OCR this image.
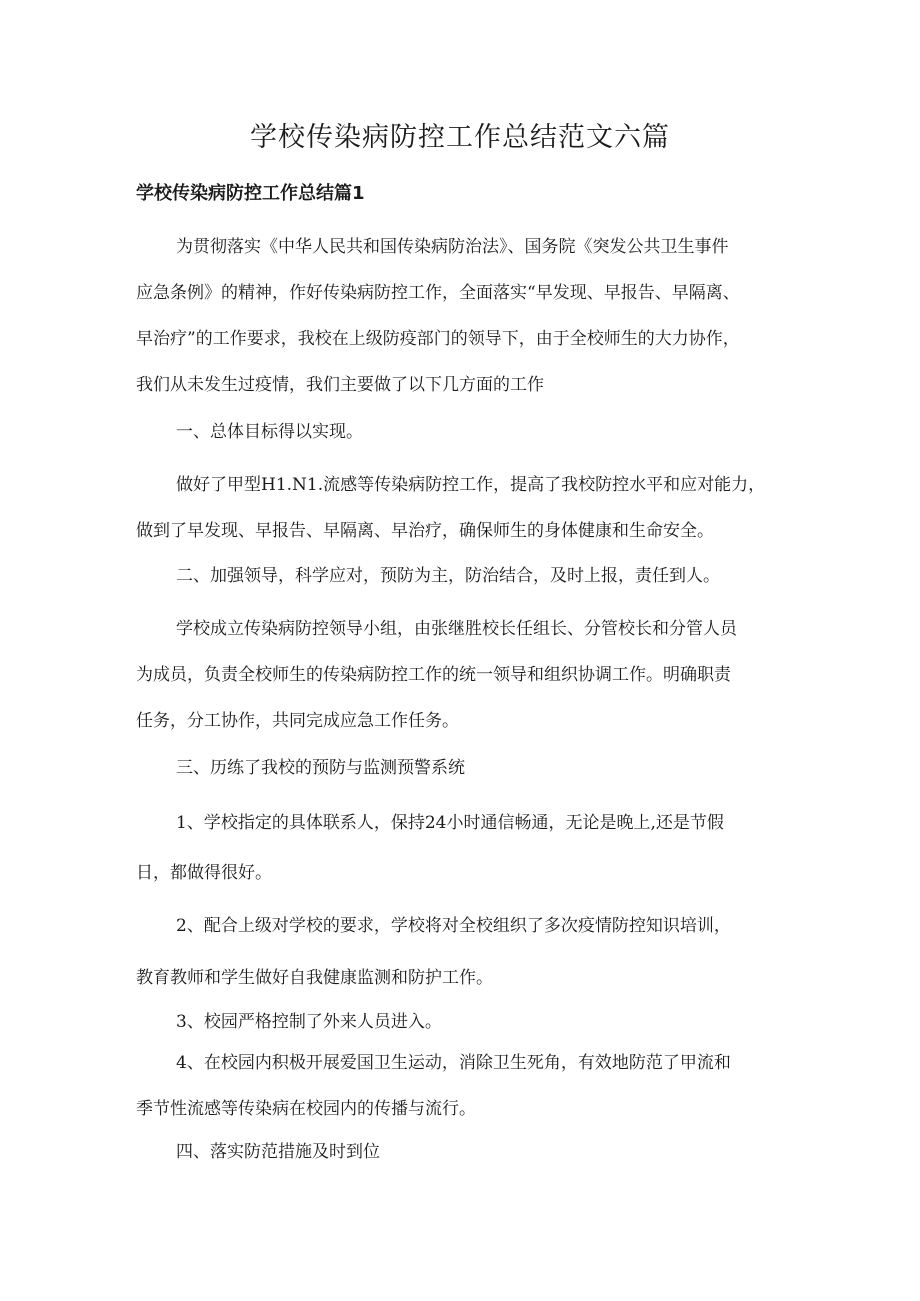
学校传染病防控工作总结范文六篇
学校传染病防控工作总结篇1
为贯彻落实《中华人民共和国传染病防治法》、国务院《突发公共卫生事件
应急条例》的精神，作好传染病防控工作，全面落实“早发现、早报告、早隔离、
早治疗”的工作要求，我校在上级防疫部门的领导下，由于全校师生的大力协作，
我们从未发生过疫情，我们主要做了以下几方面的工作
一、总体目标得以实现。
做好了甲型H1.N1.流感等传染病防控工作，提高了我校防控水平和应对能力，
做到了早发现、早报告、早隔离、早治疗，确保师生的身体健康和生命安全。
二、加强领导，科学应对，预防为主，防治结合，及时上报，责任到人。
学校成立传染病防控领导小组，由张继胜校长任组长、分管校长和分管人员
为成员，负责全校师生的传染病防控工作的统一领导和组织协调工作。明确职责
任务，分工协作，共同完成应急工作任务。
三、历练了我校的预防与监测预警系统
1、学校指定的具体联系人，保持24小时通信畅通，无论是晚上,还是节假
日，都做得很好。
2、配合上级对学校的要求，学校将对全校组织了多次疫情防控知识培训，
教育教师和学生做好自我健康监测和防护工作。
3、校园严格控制了外来人员进入。
4、在校园内积极开展爱国卫生运动，消除卫生死角，有效地防范了甲流和
季节性流感等传染病在校园内的传播与流行。
四、落实防范措施及时到位
